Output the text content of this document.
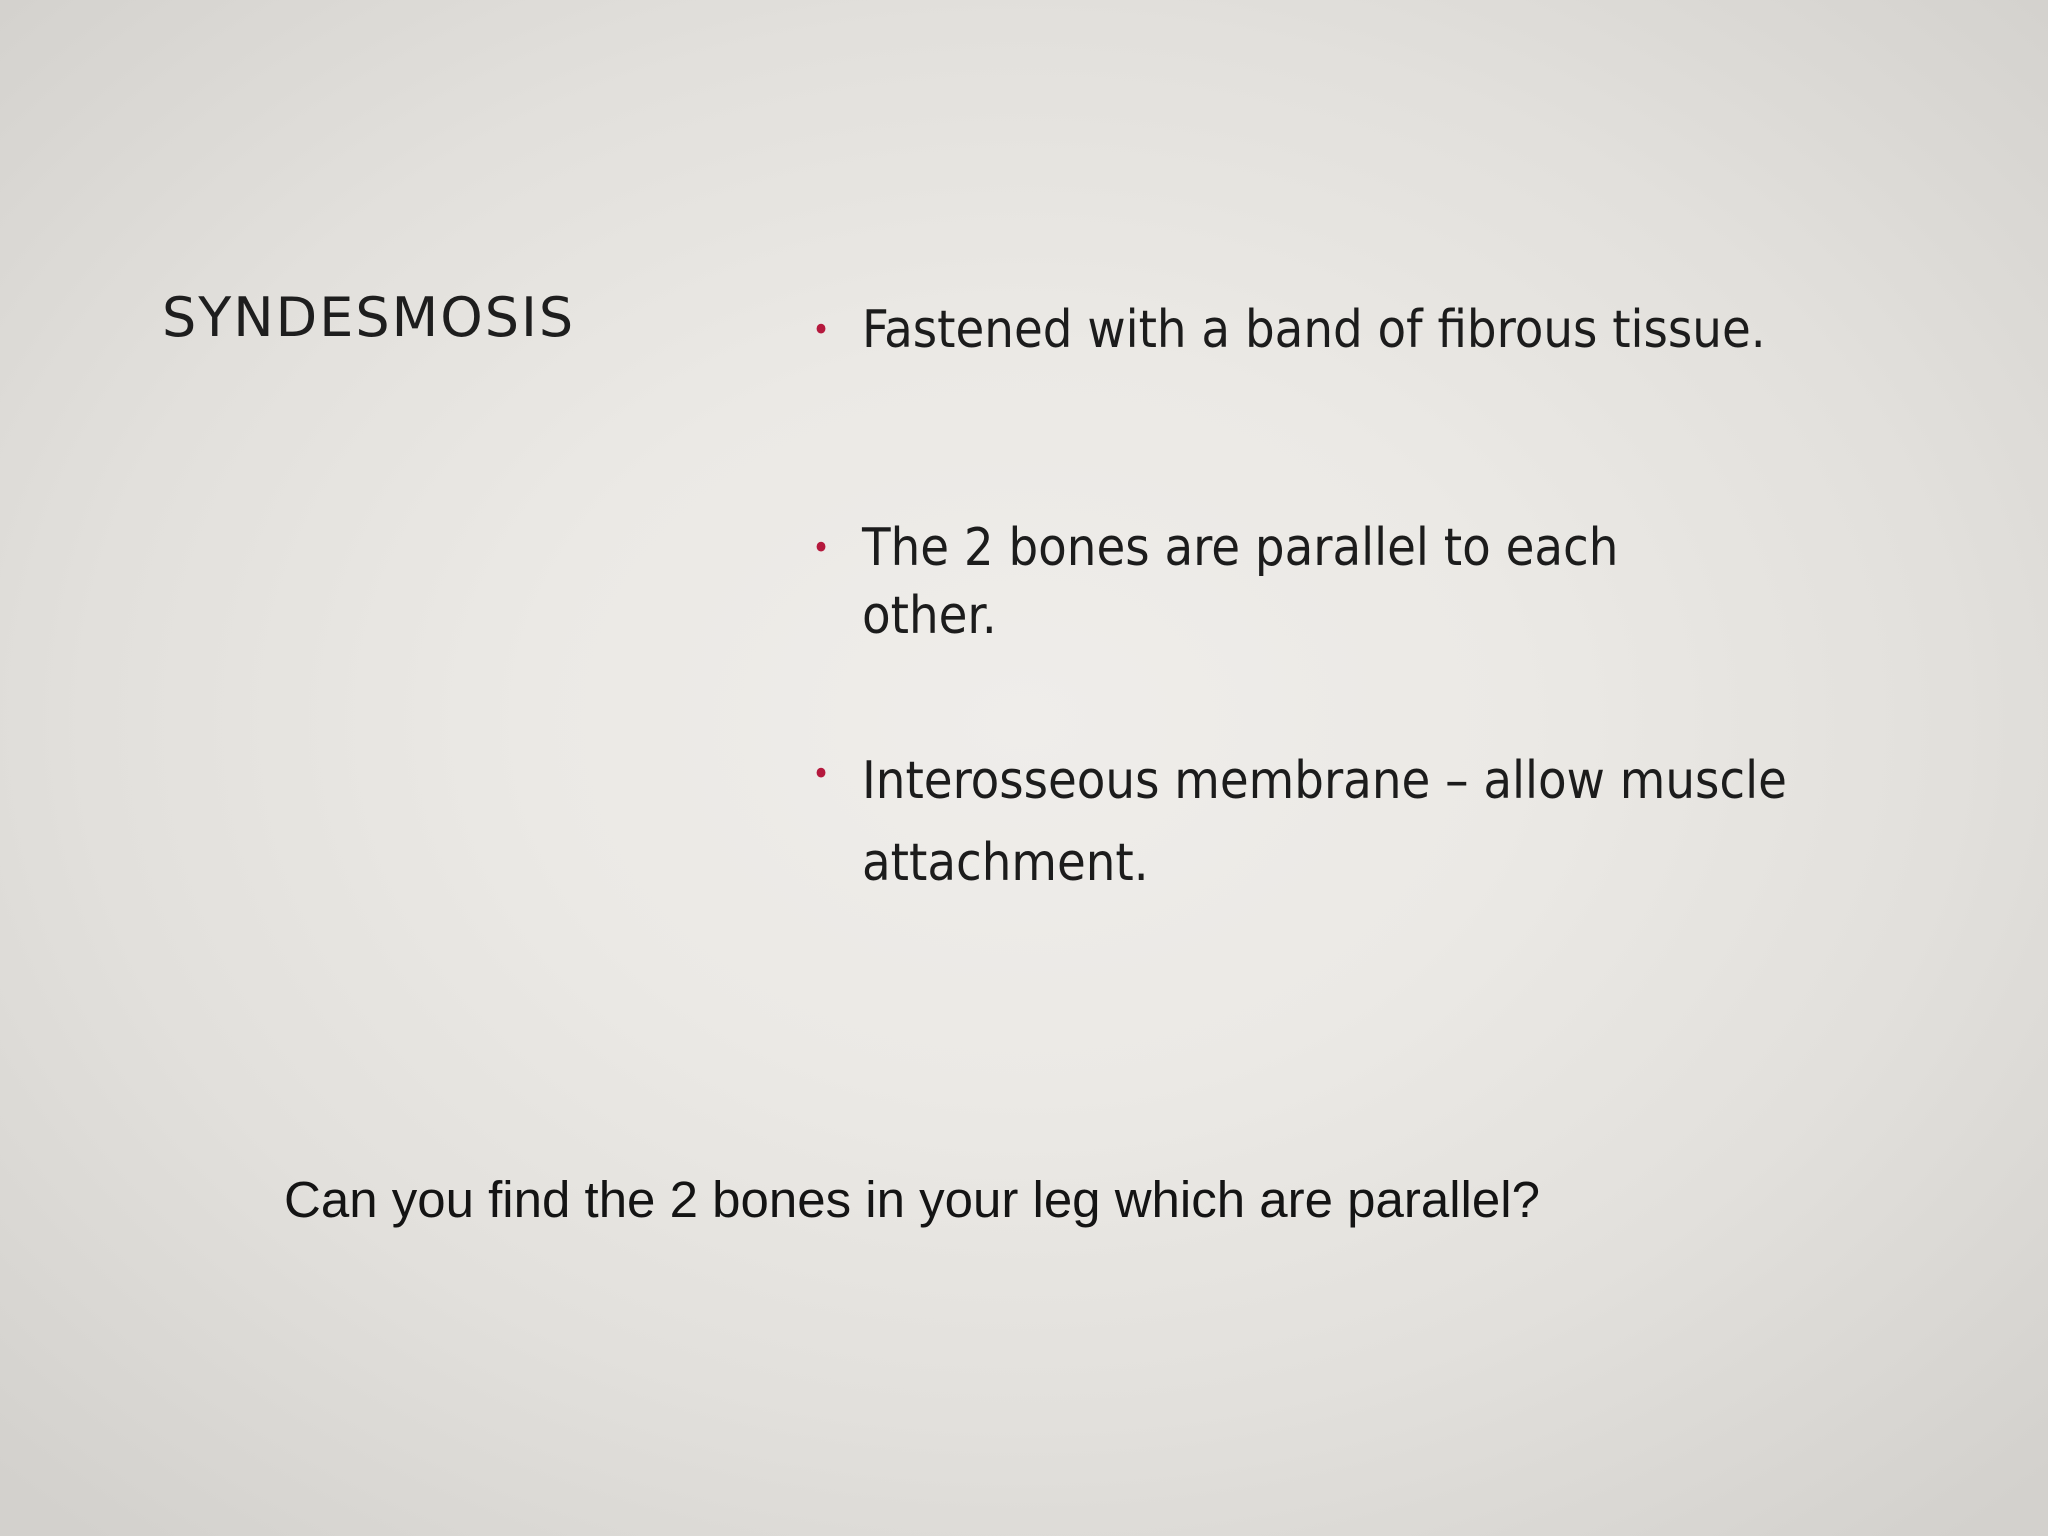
SYNDESMOSIS	• Fastened with a band of fibrous tissue.
• The 2 bones are parallel to each other.
• Interosseous membrane – allow muscle attachment.
Can you find the 2 bones in your leg which are parallel?
